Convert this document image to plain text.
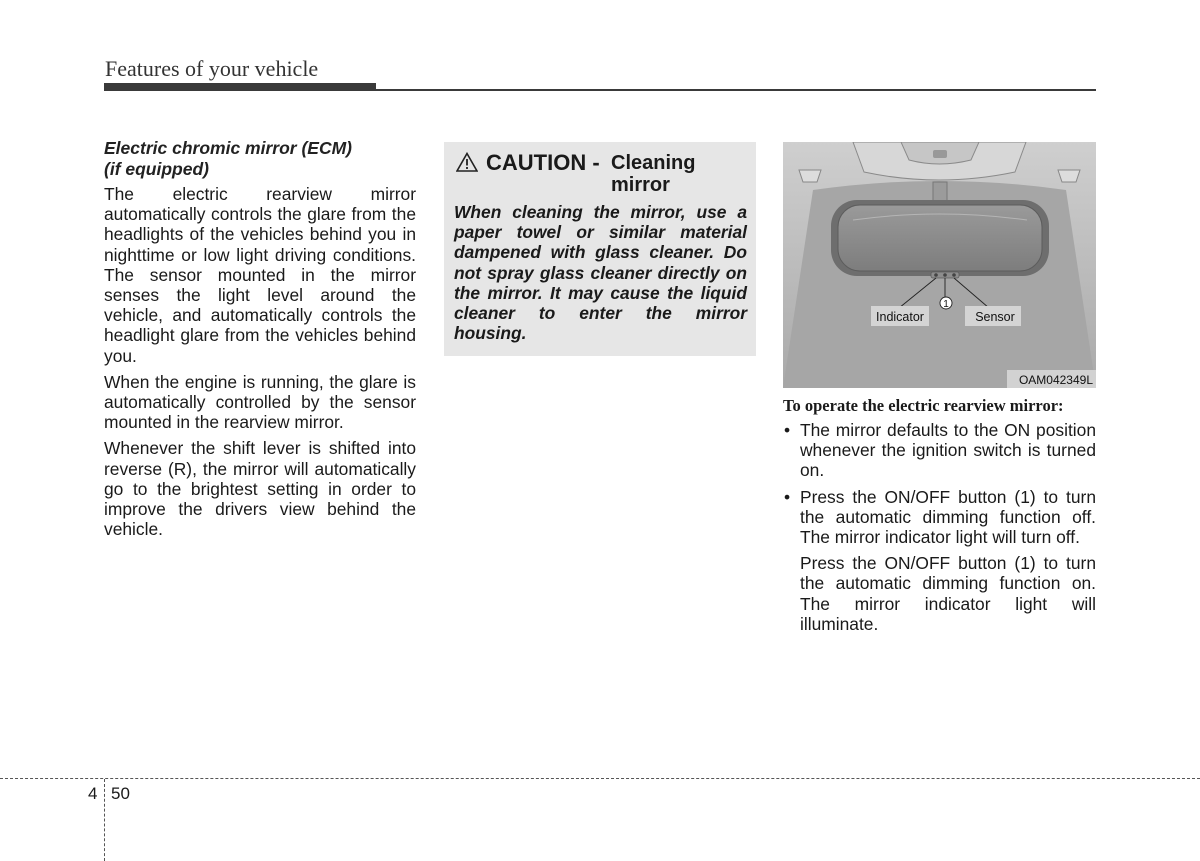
Features of your vehicle
Electric chromic mirror (ECM)
(if equipped)

The electric rearview mirror automatically controls the glare from the headlights of the vehicles behind you in nighttime or low light driving conditions. The sensor mounted in the mirror senses the light level around the vehicle, and automatically controls the headlight glare from the vehicles behind you.

When the engine is running, the glare is automatically controlled by the sensor mounted in the rearview mirror.

Whenever the shift lever is shifted into reverse (R), the mirror will automatically go to the brightest setting in order to improve the drivers view behind the vehicle.

CAUTION - Cleaning mirror
When cleaning the mirror, use a paper towel or similar material dampened with glass cleaner. Do not spray glass cleaner directly on the mirror. It may cause the liquid cleaner to enter the mirror housing.
1
Indicator	Sensor
OAM042349L
To operate the electric rearview mirror:
• The mirror defaults to the ON position whenever the ignition switch is turned on.
• Press the ON/OFF button (1) to turn the automatic dimming function off. The mirror indicator light will turn off.
Press the ON/OFF button (1) to turn the automatic dimming function on. The mirror indicator light will illuminate.
4 50
